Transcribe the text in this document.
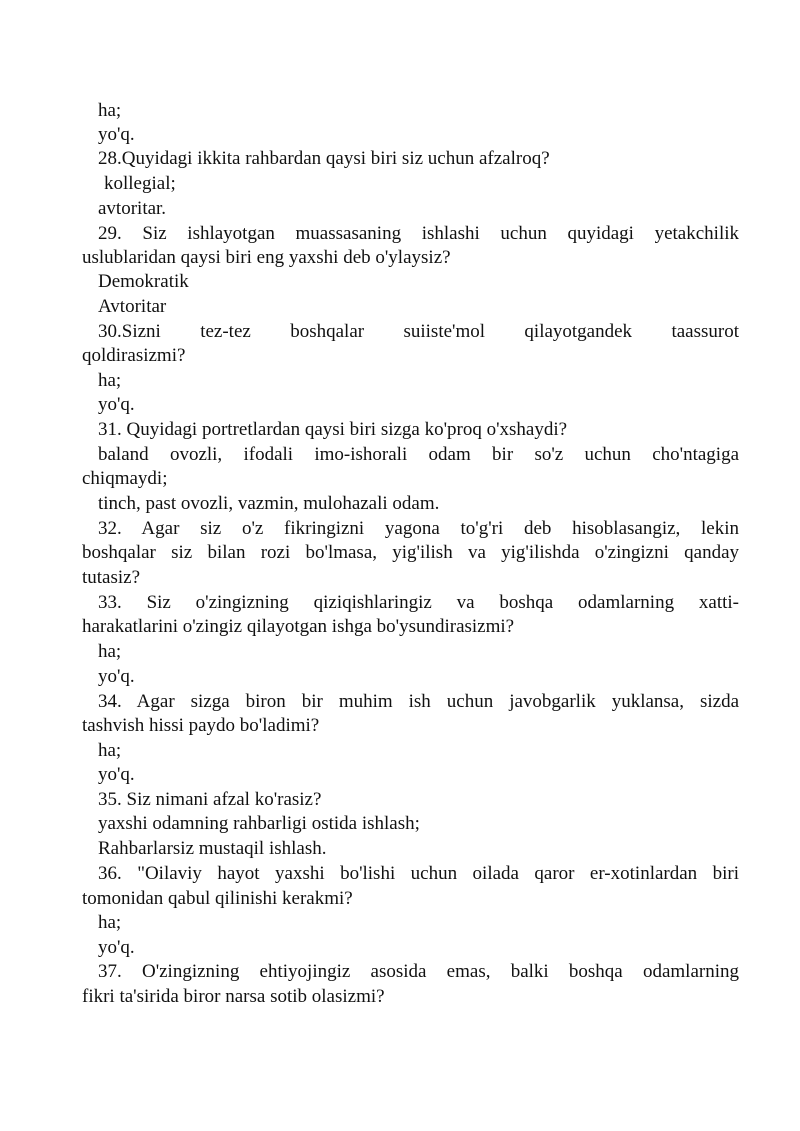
ha;
yo'q.
28.Quyidagi ikkita rahbardan qaysi biri siz uchun afzalroq?
kollegial;
avtoritar.
29. Siz ishlayotgan muassasaning ishlashi uchun quyidagi yetakchilik
uslublaridan qaysi biri eng yaxshi deb o'ylaysiz?
Demokratik
Avtoritar
30.Sizni tez-tez boshqalar suiiste'mol qilayotgandek taassurot
qoldirasizmi?
ha;
yo'q.
31. Quyidagi portretlardan qaysi biri sizga ko'proq o'xshaydi?
baland ovozli, ifodali imo-ishorali odam bir so'z uchun cho'ntagiga
chiqmaydi;
tinch, past ovozli, vazmin, mulohazali odam.
32. Agar siz o'z fikringizni yagona to'g'ri deb hisoblasangiz, lekin
boshqalar siz bilan rozi bo'lmasa, yig'ilish va yig'ilishda o'zingizni qanday
tutasiz?
33. Siz o'zingizning qiziqishlaringiz va boshqa odamlarning xatti-
harakatlarini o'zingiz qilayotgan ishga bo'ysundirasizmi?
ha;
yo'q.
34. Agar sizga biron bir muhim ish uchun javobgarlik yuklansa, sizda
tashvish hissi paydo bo'ladimi?
ha;
yo'q.
35. Siz nimani afzal ko'rasiz?
yaxshi odamning rahbarligi ostida ishlash;
Rahbarlarsiz mustaqil ishlash.
36. "Oilaviy hayot yaxshi bo'lishi uchun oilada qaror er-xotinlardan biri
tomonidan qabul qilinishi kerakmi?
ha;
yo'q.
37. O'zingizning ehtiyojingiz asosida emas, balki boshqa odamlarning
fikri ta'sirida biror narsa sotib olasizmi?
